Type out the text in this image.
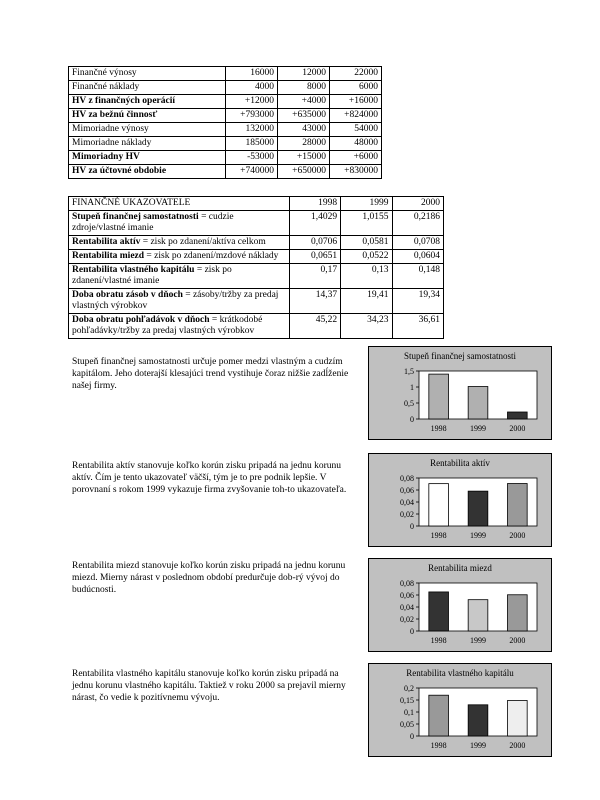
Finančné výnosy	16000	12000	22000
Finančné náklady	4000	8000	6000
HV z finančných operácií	+12000	+4000	+16000
HV za bežnú činnosť	+793000	+635000	+824000
Mimoriadne výnosy	132000	43000	54000
Mimoriadne náklady	185000	28000	48000
Mimoriadny HV	-53000	+15000	+6000
HV za účtovné obdobie	+740000	+650000	+830000
FINANČNÉ UKAZOVATELE	1998	1999	2000
Stupeň finančnej samostatnosti = cudzie zdroje/vlastné imanie	1,4029	1,0155	0,2186
Rentabilita aktív = zisk po zdanení/aktíva celkom	0,0706	0,0581	0,0708
Rentabilita miezd = zisk po zdanení/mzdové náklady	0,0651	0,0522	0,0604
Rentabilita vlastného kapitálu = zisk po zdanení/vlastné imanie	0,17	0,13	0,148
Doba obratu zásob v dňoch = zásoby/tržby za predaj vlastných výrobkov	14,37	19,41	19,34
Doba obratu pohľadávok v dňoch = krátkodobé pohľadávky/tržby za predaj vlastných výrobkov	45,22	34,23	36,61

Stupeň finančnej samostatnosti určuje pomer medzi vlastným a cudzím kapitálom. Jeho doterajší klesajúci trend vystihuje čoraz nižšie zadĺženie našej firmy.

Rentabilita aktív stanovuje koľko korún zisku pripadá na jednu korunu aktív. Čím je tento ukazovateľ väčší, tým je to pre podnik lepšie. V porovnaní s rokom 1999 vykazuje firma zvyšovanie toh-to ukazovateľa.

Rentabilita miezd stanovuje koľko korún zisku pripadá na jednu korunu miezd. Mierny nárast v poslednom období predurčuje dob-rý vývoj do budúcnosti.

Rentabilita vlastného kapitálu stanovuje koľko korún zisku pripadá na jednu korunu vlastného kapitálu. Taktiež v roku 2000 sa prejavil mierny nárast, čo vedie k pozitívnemu vývoju.

Stupeň finančnej samostatnosti
0
0,5
1
1,5
1998	1999	2000
Rentabilita aktív
0
0,02
0,04
0,06
0,08
1998	1999	2000
Rentabilita miezd
0
0,02
0,04
0,06
0,08
1998	1999	2000
Rentabilita vlastného kapitálu
0
0,05
0,1
0,15
0,2
1998	1999	2000
